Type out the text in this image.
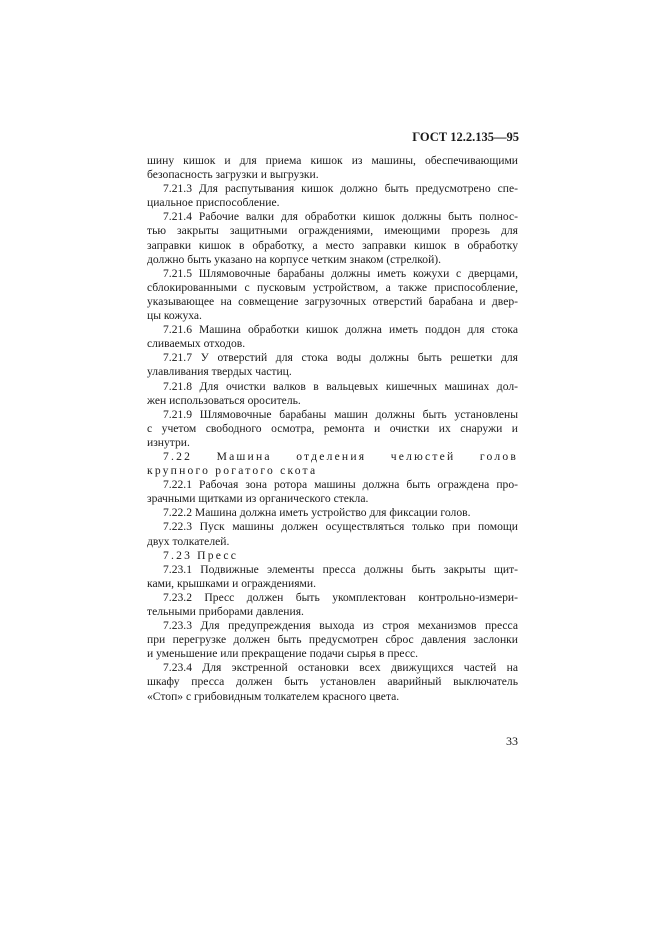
ГОСТ 12.2.135—95
шину кишок и для приема кишок из машины, обеспечивающими
безопасность загрузки и выгрузки.
7.21.3 Для распутывания кишок должно быть предусмотрено спе-
циальное приспособление.
7.21.4 Рабочие валки для обработки кишок должны быть полнос-
тью закрыты защитными ограждениями, имеющими прорезь для
заправки кишок в обработку, а место заправки кишок в обработку
должно быть указано на корпусе четким знаком (стрелкой).
7.21.5 Шлямовочные барабаны должны иметь кожухи с дверцами,
сблокированными с пусковым устройством, а также приспособление,
указывающее на совмещение загрузочных отверстий барабана и двер-
цы кожуха.
7.21.6 Машина обработки кишок должна иметь поддон для стока
сливаемых отходов.
7.21.7 У отверстий для стока воды должны быть решетки для
улавливания твердых частиц.
7.21.8 Для очистки валков в вальцевых кишечных машинах дол-
жен использоваться ороситель.
7.21.9 Шлямовочные барабаны машин должны быть установлены
с учетом свободного осмотра, ремонта и очистки их снаружи и
изнутри.
7.22 Машина отделения челюстей голов
крупного рогатого скота
7.22.1 Рабочая зона ротора машины должна быть ограждена про-
зрачными щитками из органического стекла.
7.22.2 Машина должна иметь устройство для фиксации голов.
7.22.3 Пуск машины должен осуществляться только при помощи
двух толкателей.
7.23 Пресс
7.23.1 Подвижные элементы пресса должны быть закрыты щит-
ками, крышками и ограждениями.
7.23.2 Пресс должен быть укомплектован контрольно-измери-
тельными приборами давления.
7.23.3 Для предупреждения выхода из строя механизмов пресса
при перегрузке должен быть предусмотрен сброс давления заслонки
и уменьшение или прекращение подачи сырья в пресс.
7.23.4 Для экстренной остановки всех движущихся частей на
шкафу пресса должен быть установлен аварийный выключатель
«Стоп» с грибовидным толкателем красного цвета.
33
